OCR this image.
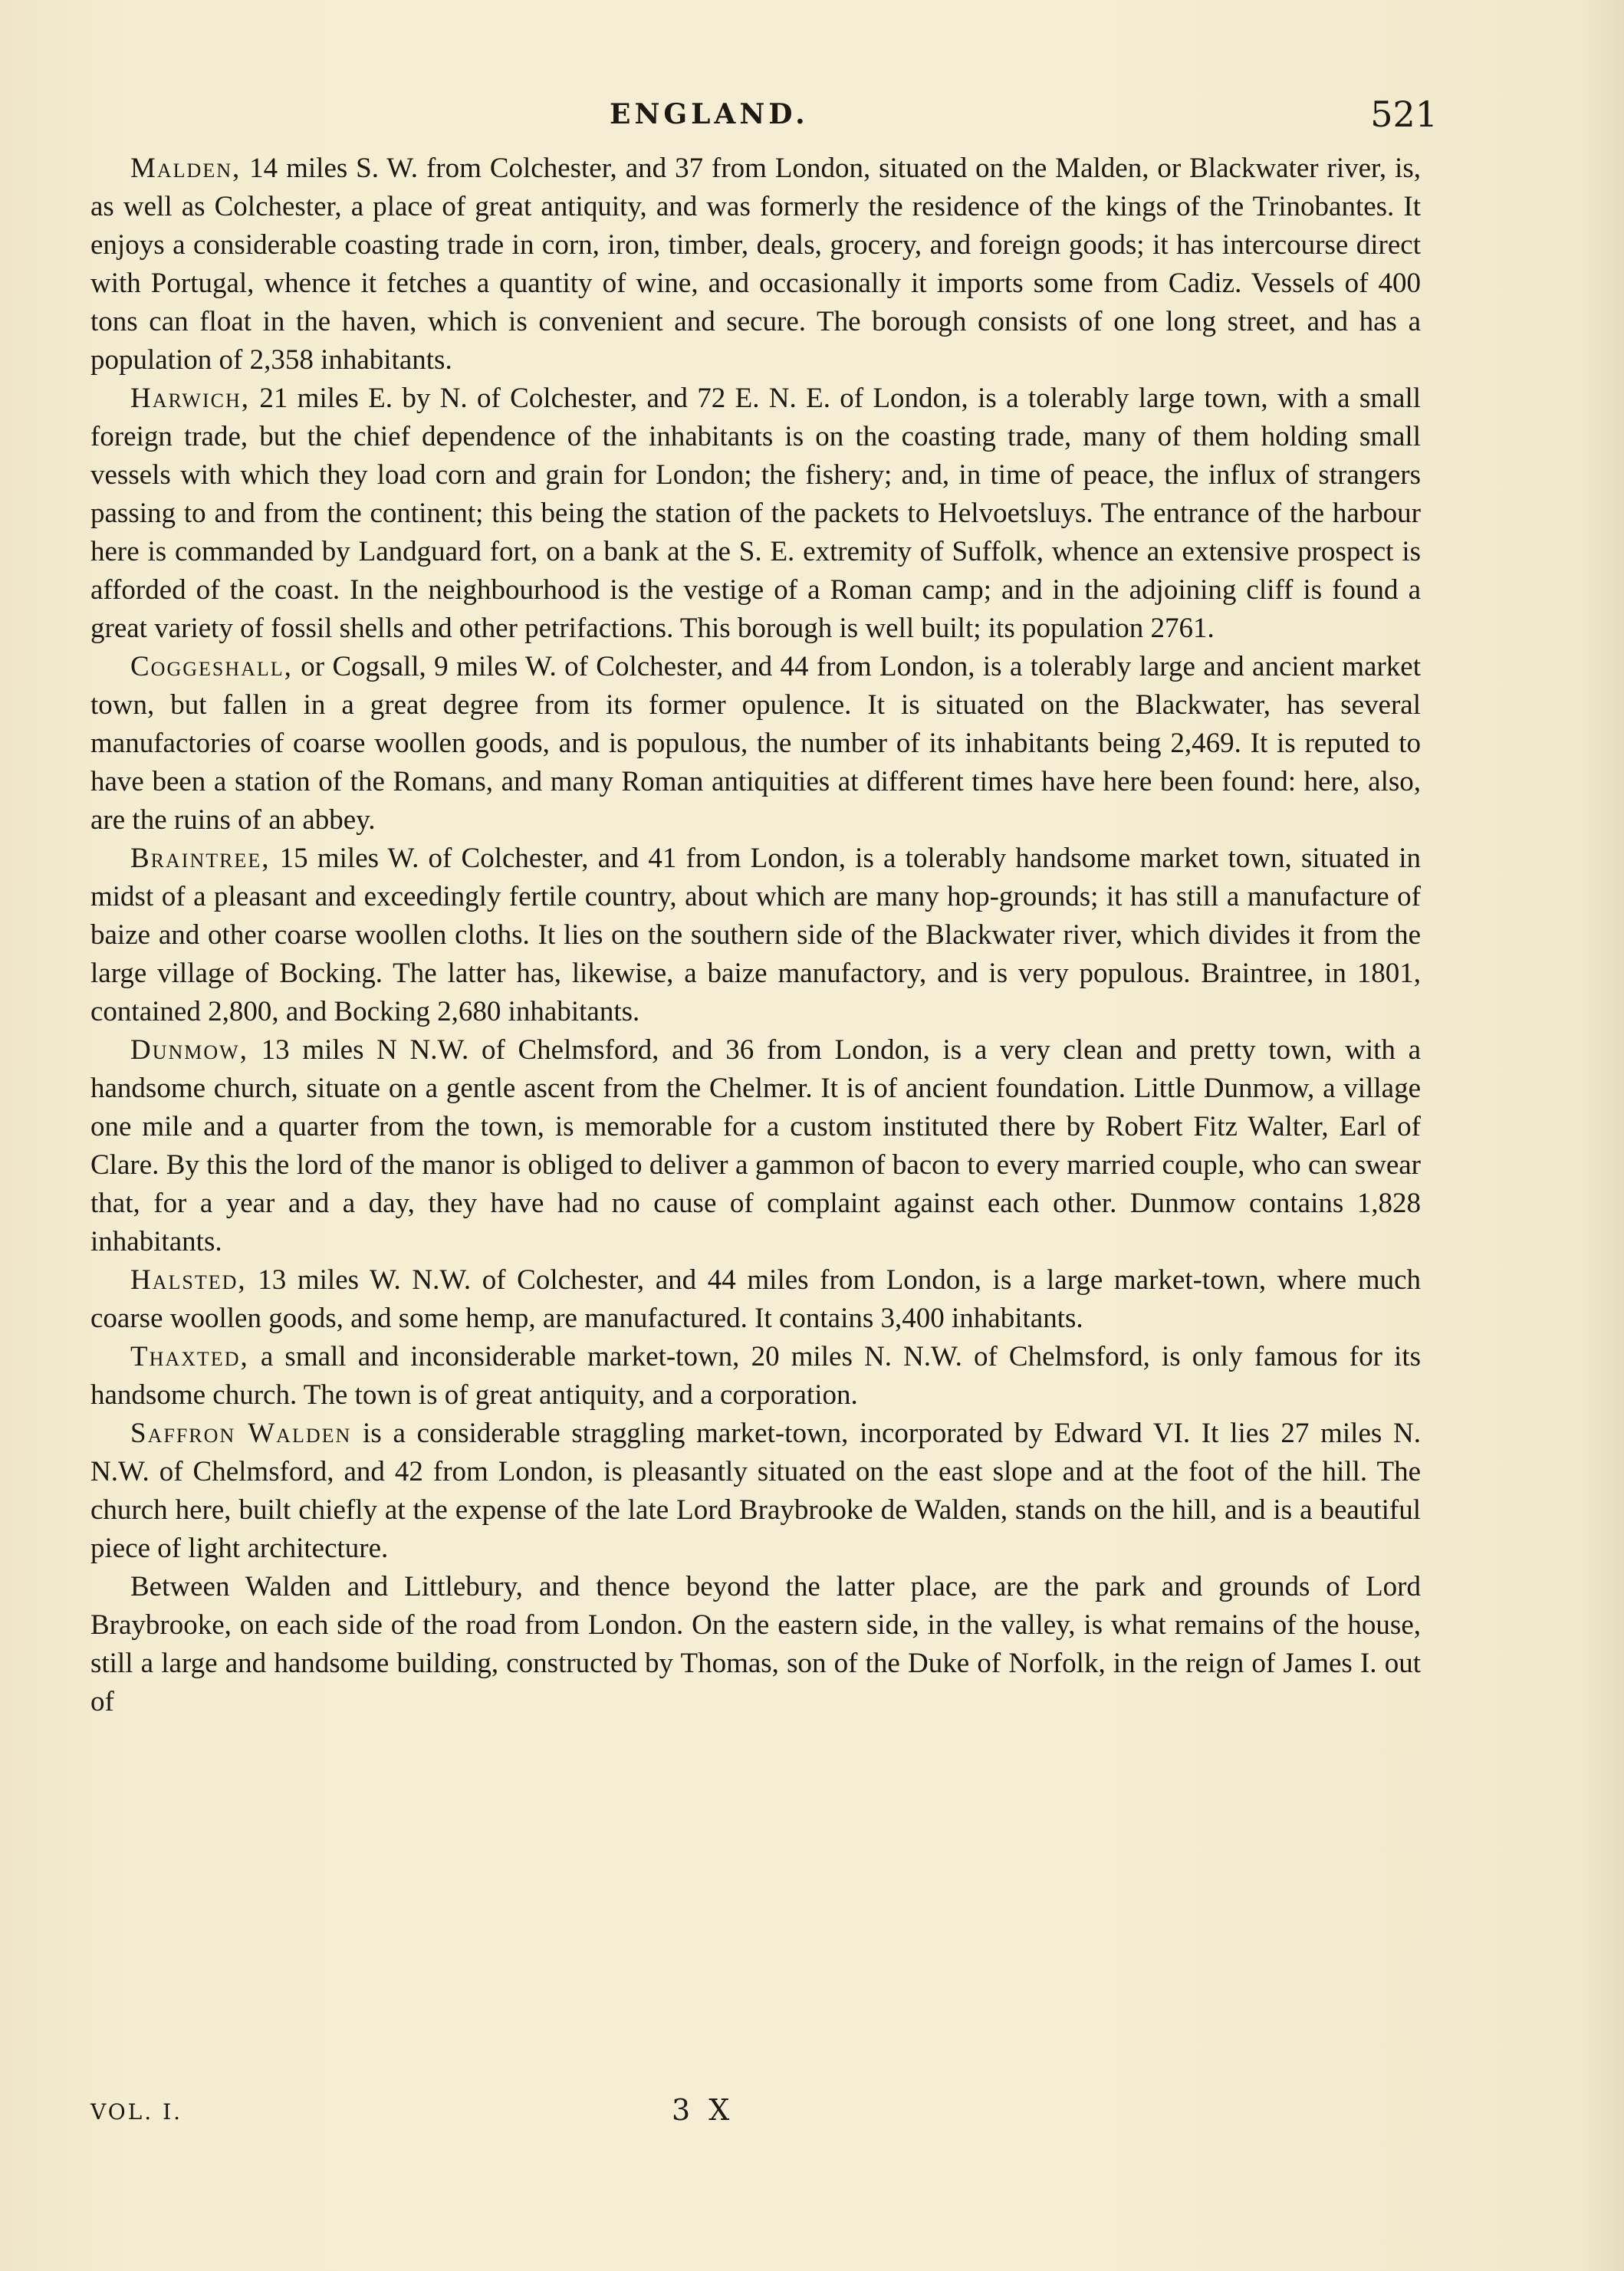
ENGLAND.	521

Malden, 14 miles S. W. from Colchester, and 37 from London, situated on the Malden, or Blackwater river, is, as well as Colchester, a place of great antiquity, and was formerly the residence of the kings of the Trinobantes. It enjoys a considerable coasting trade in corn, iron, timber, deals, grocery, and foreign goods; it has intercourse direct with Portugal, whence it fetches a quantity of wine, and occasionally it imports some from Cadiz. Vessels of 400 tons can float in the haven, which is convenient and secure. The borough consists of one long street, and has a population of 2,358 inhabitants.

Harwich, 21 miles E. by N. of Colchester, and 72 E. N. E. of London, is a tolerably large town, with a small foreign trade, but the chief dependence of the inhabitants is on the coasting trade, many of them holding small vessels with which they load corn and grain for London; the fishery; and, in time of peace, the influx of strangers passing to and from the continent; this being the station of the packets to Helvoetsluys. The entrance of the harbour here is commanded by Landguard fort, on a bank at the S. E. extremity of Suffolk, whence an extensive prospect is afforded of the coast. In the neighbourhood is the vestige of a Roman camp; and in the adjoining cliff is found a great variety of fossil shells and other petrifactions. This borough is well built; its population 2761.

Coggeshall, or Cogsall, 9 miles W. of Colchester, and 44 from London, is a tolerably large and ancient market town, but fallen in a great degree from its former opulence. It is situated on the Blackwater, has several manufactories of coarse woollen goods, and is populous, the number of its inhabitants being 2,469. It is reputed to have been a station of the Romans, and many Roman antiquities at different times have here been found: here, also, are the ruins of an abbey.

Braintree, 15 miles W. of Colchester, and 41 from London, is a tolerably handsome market town, situated in midst of a pleasant and exceedingly fertile country, about which are many hop-grounds; it has still a manufacture of baize and other coarse woollen cloths. It lies on the southern side of the Blackwater river, which divides it from the large village of Bocking. The latter has, likewise, a baize manufactory, and is very populous. Braintree, in 1801, contained 2,800, and Bocking 2,680 inhabitants.

Dunmow, 13 miles N N.W. of Chelmsford, and 36 from London, is a very clean and pretty town, with a handsome church, situate on a gentle ascent from the Chelmer. It is of ancient foundation. Little Dunmow, a village one mile and a quarter from the town, is memorable for a custom instituted there by Robert Fitz Walter, Earl of Clare. By this the lord of the manor is obliged to deliver a gammon of bacon to every married couple, who can swear that, for a year and a day, they have had no cause of complaint against each other. Dunmow contains 1,828 inhabitants.

Halsted, 13 miles W. N.W. of Colchester, and 44 miles from London, is a large market-town, where much coarse woollen goods, and some hemp, are manufactured. It contains 3,400 inhabitants.

Thaxted, a small and inconsiderable market-town, 20 miles N. N.W. of Chelmsford, is only famous for its handsome church. The town is of great antiquity, and a corporation.

Saffron Walden is a considerable straggling market-town, incorporated by Edward VI. It lies 27 miles N. N.W. of Chelmsford, and 42 from London, is pleasantly situated on the east slope and at the foot of the hill. The church here, built chiefly at the expense of the late Lord Braybrooke de Walden, stands on the hill, and is a beautiful piece of light architecture.

Between Walden and Littlebury, and thence beyond the latter place, are the park and grounds of Lord Braybrooke, on each side of the road from London. On the eastern side, in the valley, is what remains of the house, still a large and handsome building, constructed by Thomas, son of the Duke of Norfolk, in the reign of James I. out of

VOL. I.	3 X
